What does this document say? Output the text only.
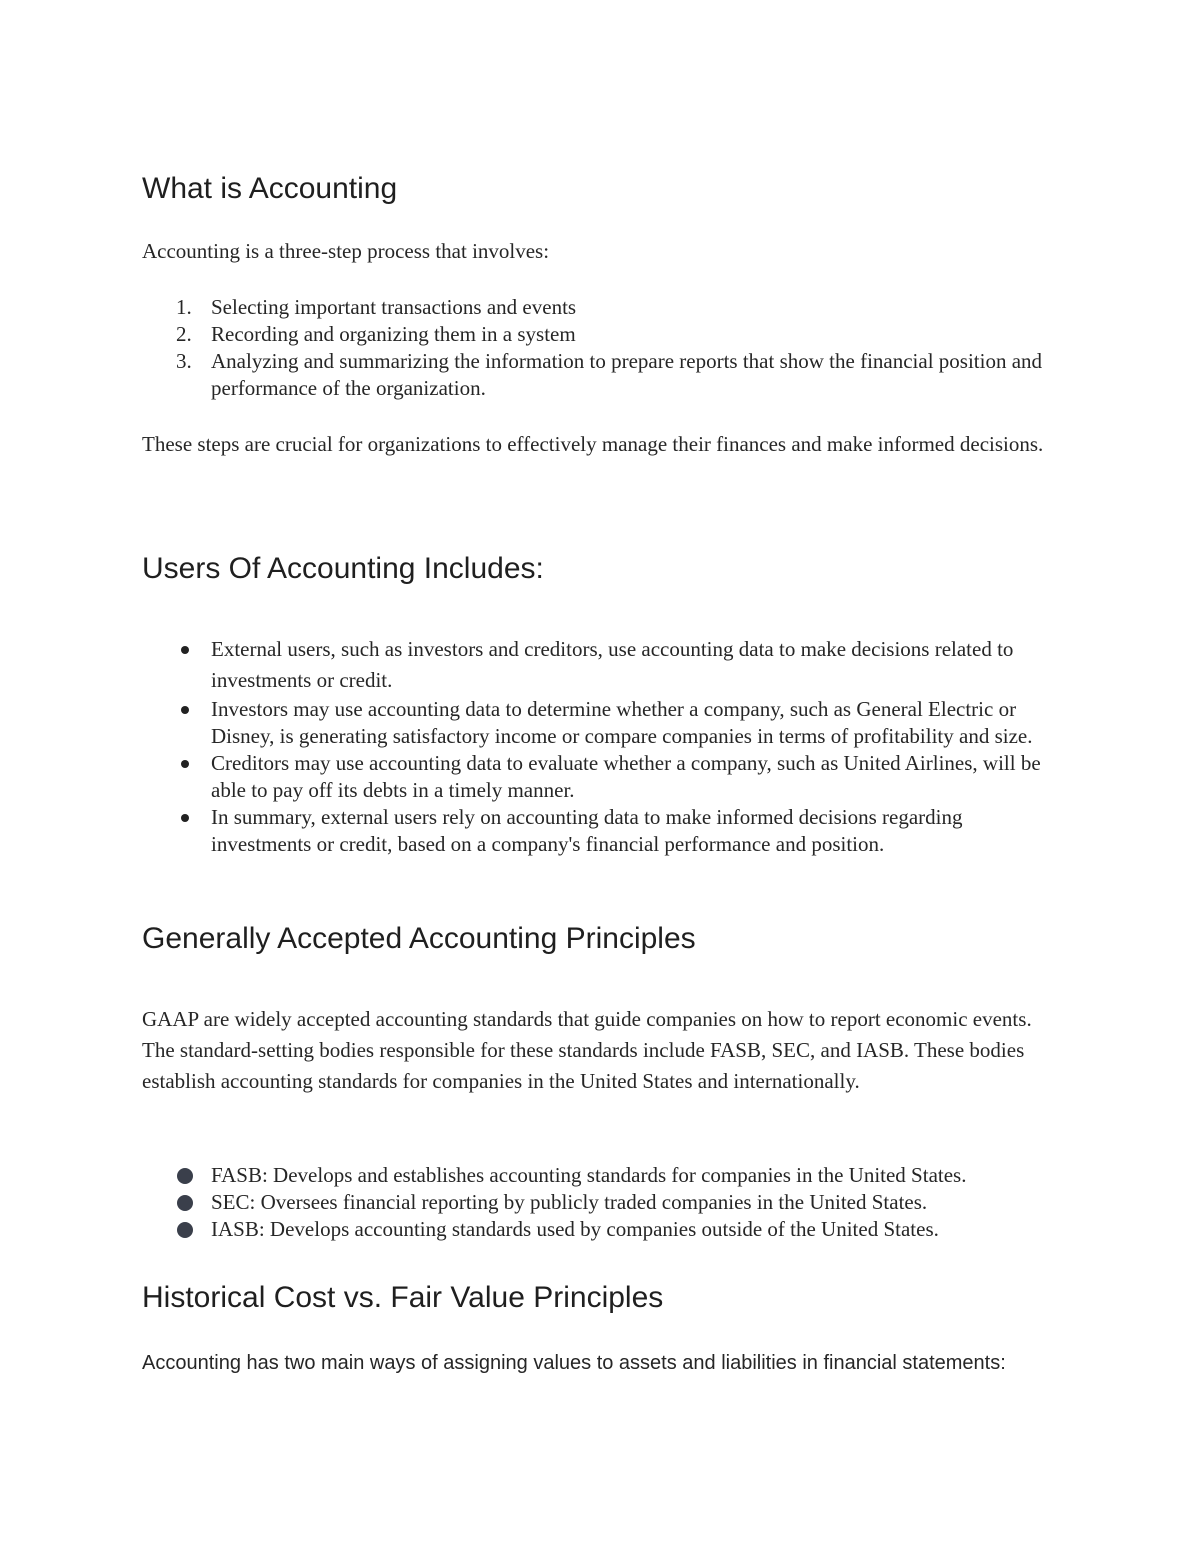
What is Accounting

Accounting is a three-step process that involves:

1. Selecting important transactions and events
2. Recording and organizing them in a system
3. Analyzing and summarizing the information to prepare reports that show the financial position and performance of the organization.

These steps are crucial for organizations to effectively manage their finances and make informed decisions.

Users Of Accounting Includes:
External users, such as investors and creditors, use accounting data to make decisions related to investments or credit.
Investors may use accounting data to determine whether a company, such as General Electric or Disney, is generating satisfactory income or compare companies in terms of profitability and size.
Creditors may use accounting data to evaluate whether a company, such as United Airlines, will be able to pay off its debts in a timely manner.
In summary, external users rely on accounting data to make informed decisions regarding investments or credit, based on a company's financial performance and position.
Generally Accepted Accounting Principles

GAAP are widely accepted accounting standards that guide companies on how to report economic events. The standard-setting bodies responsible for these standards include FASB, SEC, and IASB. These bodies establish accounting standards for companies in the United States and internationally.

FASB: Develops and establishes accounting standards for companies in the United States.
SEC: Oversees financial reporting by publicly traded companies in the United States.
IASB: Develops accounting standards used by companies outside of the United States.
Historical Cost vs. Fair Value Principles

Accounting has two main ways of assigning values to assets and liabilities in financial statements:
